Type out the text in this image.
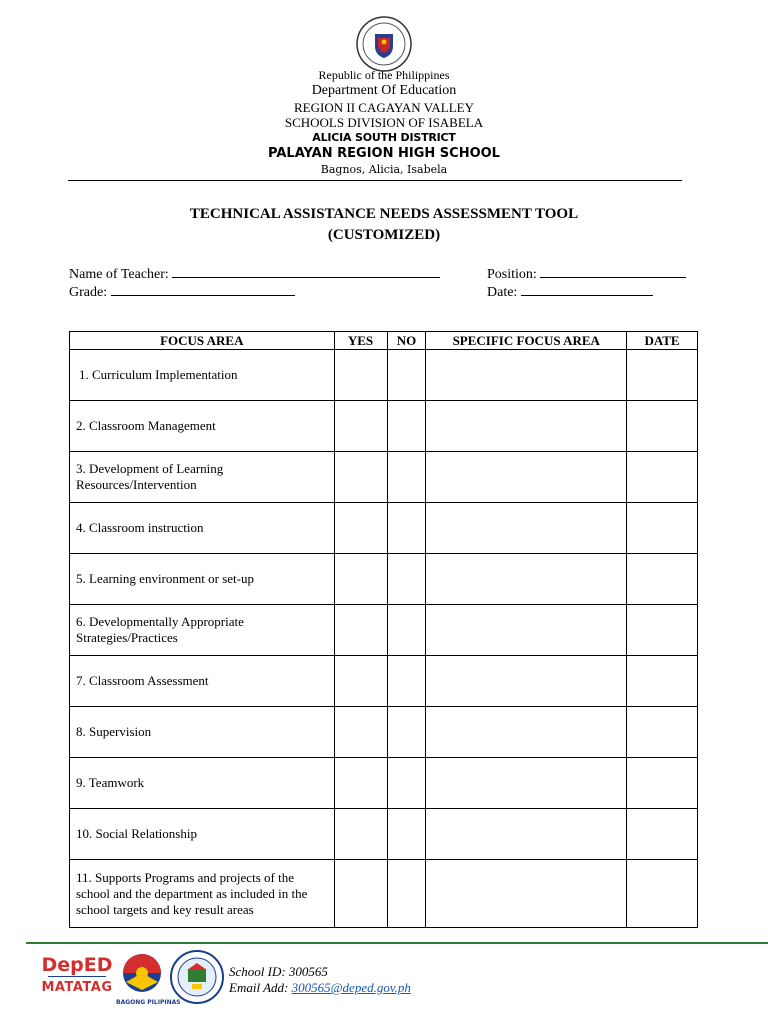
Republic of the Philippines
Department Of Education
REGION II CAGAYAN VALLEY
SCHOOLS DIVISION OF ISABELA
ALICIA SOUTH DISTRICT
PALAYAN REGION HIGH SCHOOL
Bagnos, Alicia, Isabela
TECHNICAL ASSISTANCE NEEDS ASSESSMENT TOOL
(CUSTOMIZED)
Name of Teacher:
Grade:
Position:
Date:
FOCUS AREA	YES	NO	SPECIFIC FOCUS AREA	DATE
1. Curriculum Implementation				
2. Classroom Management				
3. Development of Learning Resources/Intervention				
4. Classroom instruction				
5. Learning environment or set-up				
6. Developmentally Appropriate Strategies/Practices				
7. Classroom Assessment				
8. Supervision				
9. Teamwork				
10. Social Relationship				
11. Supports Programs and projects of the school and the department as included in the school targets and key result areas				
DepED
MATATAG
BAGONG PILIPINAS
School ID: 300565
Email Add: 300565@deped.gov.ph
